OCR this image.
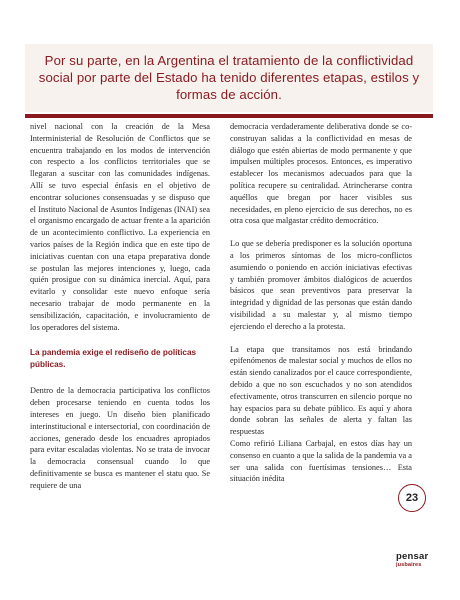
Por su parte, en la Argentina el tratamiento de la conflictividad social por parte del Estado ha tenido diferentes etapas, estilos y formas de acción.

nivel nacional con la creación de la Mesa Interministerial de Resolución de Conflictos que se encuentra trabajando en los modos de intervención con respecto a los conflictos territoriales que se llegaran a suscitar con las comunidades indígenas. Allí se tuvo especial énfasis en el objetivo de encontrar soluciones consensuadas y se dispuso que el Instituto Nacional de Asuntos Indígenas (INAI) sea el organismo encargado de actuar frente a la aparición de un acontecimiento conflictivo. La experiencia en varios países de la Región indica que en este tipo de iniciativas cuentan con una etapa preparativa donde se postulan las mejores intenciones y, luego, cada quién prosigue con su dinámica inercial. Aquí, para evitarlo y consolidar este nuevo enfoque sería necesario trabajar de modo permanente en la sensibilización, capacitación, e involucramiento de los operadores del sistema.

La pandemia exige el rediseño de políticas públicas.

Dentro de la democracia participativa los conflictos deben procesarse teniendo en cuenta todos los intereses en juego. Un diseño bien planificado interinstitucional e intersectorial, con coordinación de acciones, generado desde los encuadres apropiados para evitar escaladas violentas. No se trata de invocar la democracia consensual cuando lo que definitivamente se busca es mantener el statu quo. Se requiere de una

democracia verdaderamente deliberativa donde se co-construyan salidas a la conflictividad en mesas de diálogo que estén abiertas de modo permanente y que impulsen múltiples procesos. Entonces, es imperativo establecer los mecanismos adecuados para que la política recupere su centralidad. Atrincherarse contra aquéllos que bregan por hacer visibles sus necesidades, en pleno ejercicio de sus derechos, no es otra cosa que malgastar crédito democrático.

Lo que se debería predisponer es la solución oportuna a los primeros síntomas de los micro-conflictos asumiendo o poniendo en acción iniciativas efectivas y también promover ámbitos dialógicos de acuerdos básicos que sean preventivos para preservar la integridad y dignidad de las personas que están dando visibilidad a su malestar y, al mismo tiempo ejerciendo el derecho a la protesta.

La etapa que transitamos nos está brindando epifenómenos de malestar social y muchos de ellos no están siendo canalizados por el cauce correspondiente, debido a que no son escuchados y no son atendidos efectivamente, otros transcurren en silencio porque no hay espacios para su debate público. Es aquí y ahora donde sobran las señales de alerta y faltan las respuestas

Como refirió Liliana Carbajal, en estos días hay un consenso en cuanto a que la salida de la pandemia va a ser una salida con fuertísimas tensiones… Esta situación inédita

23
pensar
jusbaires
